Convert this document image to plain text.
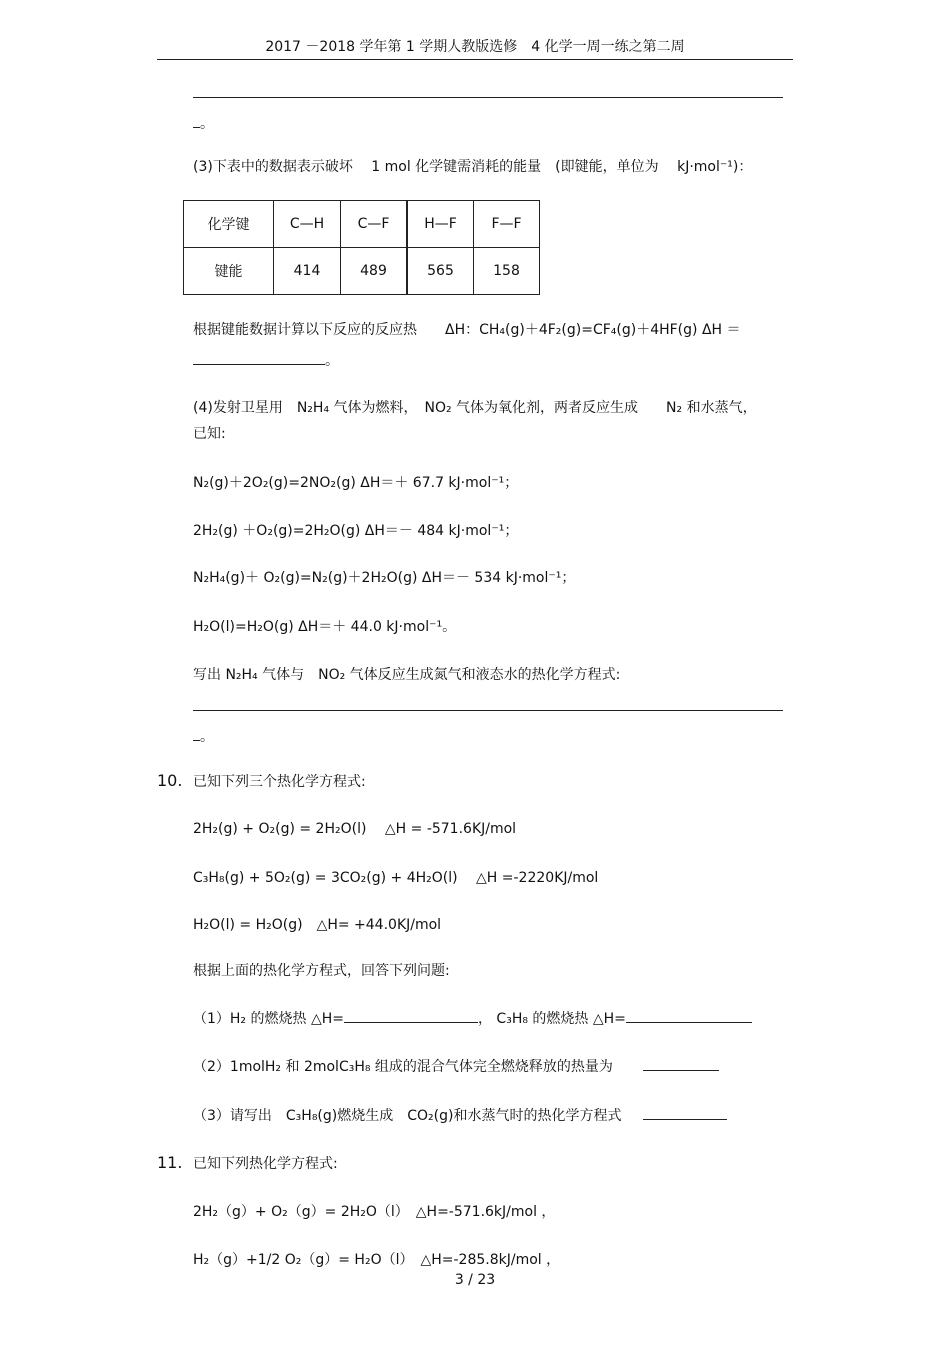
2017 －2018 学年第 1 学期人教版选修　4 化学一周一练之第二周
。
(3)下表中的数据表示破坏　 1 mol 化学键需消耗的能量　(即键能，单位为　 kJ·mol⁻¹)：
化学键	C—H	C—F	H—F	F—F
键能	414	489	565	158
根据键能数据计算以下反应的反应热　　ΔH：CH₄(g)＋4F₂(g)=CF₄(g)＋4HF(g) ΔH ＝
。
(4)发射卫星用　N₂H₄ 气体为燃料，　NO₂ 气体为氧化剂，两者反应生成　　N₂ 和水蒸气，
已知:
N₂(g)＋2O₂(g)=2NO₂(g) ΔH＝＋ 67.7 kJ·mol⁻¹；
2H₂(g) ＋O₂(g)=2H₂O(g) ΔH＝－ 484 kJ·mol⁻¹；
N₂H₄(g)＋ O₂(g)=N₂(g)＋2H₂O(g) ΔH＝－ 534 kJ·mol⁻¹；
H₂O(l)=H₂O(g) ΔH＝＋ 44.0 kJ·mol⁻¹。
写出 N₂H₄ 气体与　NO₂ 气体反应生成氮气和液态水的热化学方程式:
。
10. 已知下列三个热化学方程式:
2H₂(g) + O₂(g) = 2H₂O(l)　 △H = -571.6KJ/mol
C₃H₈(g) + 5O₂(g) = 3CO₂(g) + 4H₂O(l)　 △H =-2220KJ/mol
H₂O(l) = H₂O(g)　△H= +44.0KJ/mol
根据上面的热化学方程式，回答下列问题:
（1）H₂ 的燃烧热 △H=	， C₃H₈ 的燃烧热 △H=
（2）1molH₂ 和 2molC₃H₈ 组成的混合气体完全燃烧释放的热量为
（3）请写出　C₃H₈(g)燃烧生成　CO₂(g)和水蒸气时的热化学方程式
11. 已知下列热化学方程式:
2H₂（g）+ O₂（g）= 2H₂O（l）　△H=-571.6kJ/mol ，
H₂（g）+1/2 O₂（g）= H₂O（l）　△H=-285.8kJ/mol ，
3 / 23
